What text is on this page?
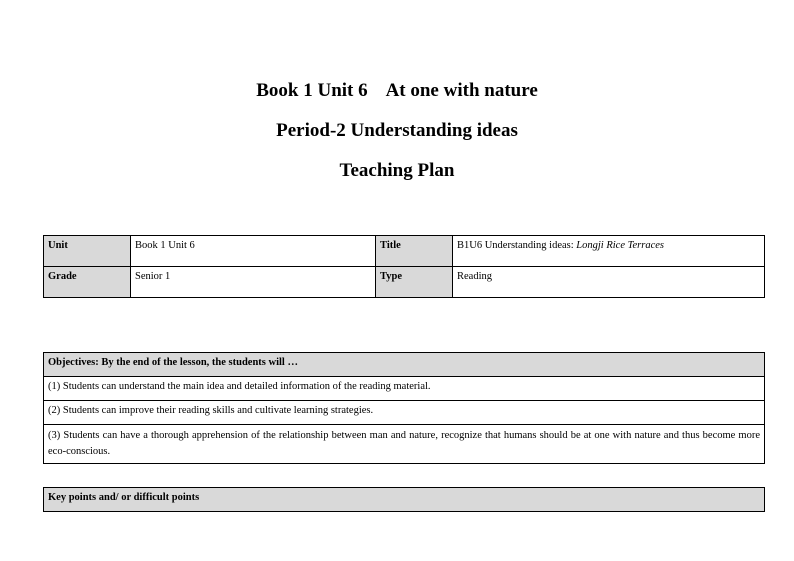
Book 1 Unit 6    At one with nature
Period-2 Understanding ideas
Teaching Plan
Unit	Book 1 Unit 6	Title	B1U6 Understanding ideas: Longji Rice Terraces
Grade	Senior 1	Type	Reading
Objectives: By the end of the lesson, the students will …
(1) Students can understand the main idea and detailed information of the reading material.
(2) Students can improve their reading skills and cultivate learning strategies.
(3) Students can have a thorough apprehension of the relationship between man and nature, recognize that humans should be at one with nature and thus become more eco-conscious.
Key points and/ or difficult points
